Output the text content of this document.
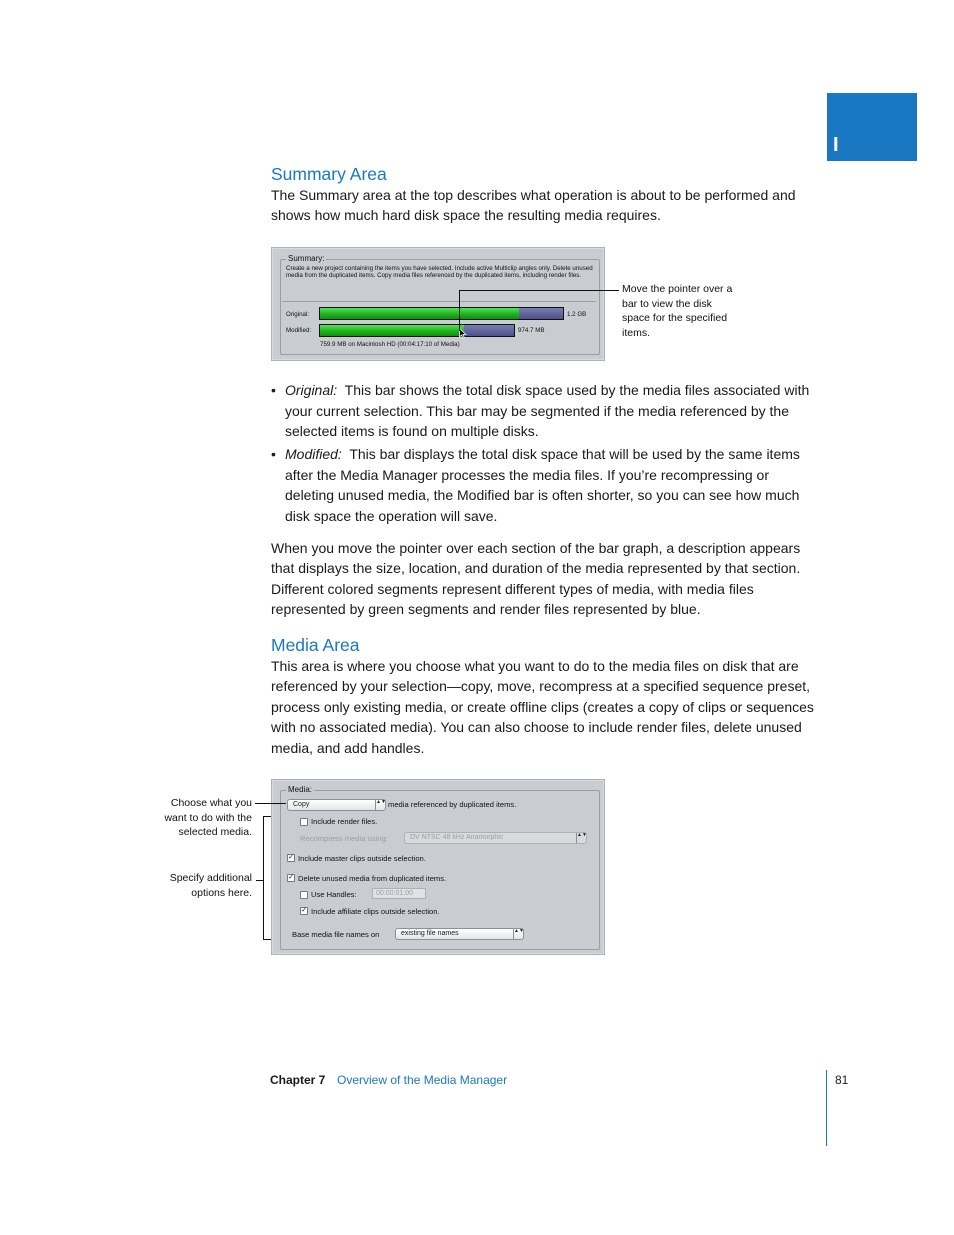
I
Summary Area

The Summary area at the top describes what operation is about to be performed and shows how much hard disk space the resulting media requires.

Summary:
Create a new project containing the items you have selected. Include active Multiclip angles only. Delete unused media from the duplicated items. Copy media files referenced by the duplicated items, including render files.
Original:	1.2 GB
Modified:	974.7 MB
759.9 MB on Macintosh HD (00:04:17:10 of Media)
Move the pointer over a bar to view the disk space for the specified items.
• Original: This bar shows the total disk space used by the media files associated with your current selection. This bar may be segmented if the media referenced by the selected items is found on multiple disks.
• Modified: This bar displays the total disk space that will be used by the same items after the Media Manager processes the media files. If you’re recompressing or deleting unused media, the Modified bar is often shorter, so you can see how much disk space the operation will save.

When you move the pointer over each section of the bar graph, a description appears that displays the size, location, and duration of the media represented by that section. Different colored segments represent different types of media, with media files represented by green segments and render files represented by blue.

Media Area

This area is where you choose what you want to do to the media files on disk that are referenced by your selection—copy, move, recompress at a specified sequence preset, process only existing media, or create offline clips (creates a copy of clips or sequences with no associated media). You can also choose to include render files, delete unused media, and add handles.

Media:
Copy	▲▼ media referenced by duplicated items.
Include render files.
Recompress media using:	DV NTSC 48 kHz Anamorphic	▲▼
✓ Include master clips outside selection.
✓ Delete unused media from duplicated items.
Use Handles:	00:00:01;00
✓ Include affiliate clips outside selection.
Base media file names on	existing file names	▲▼
Choose what you want to do with the selected media.
Specify additional options here.
Chapter 7 Overview of the Media Manager	81
